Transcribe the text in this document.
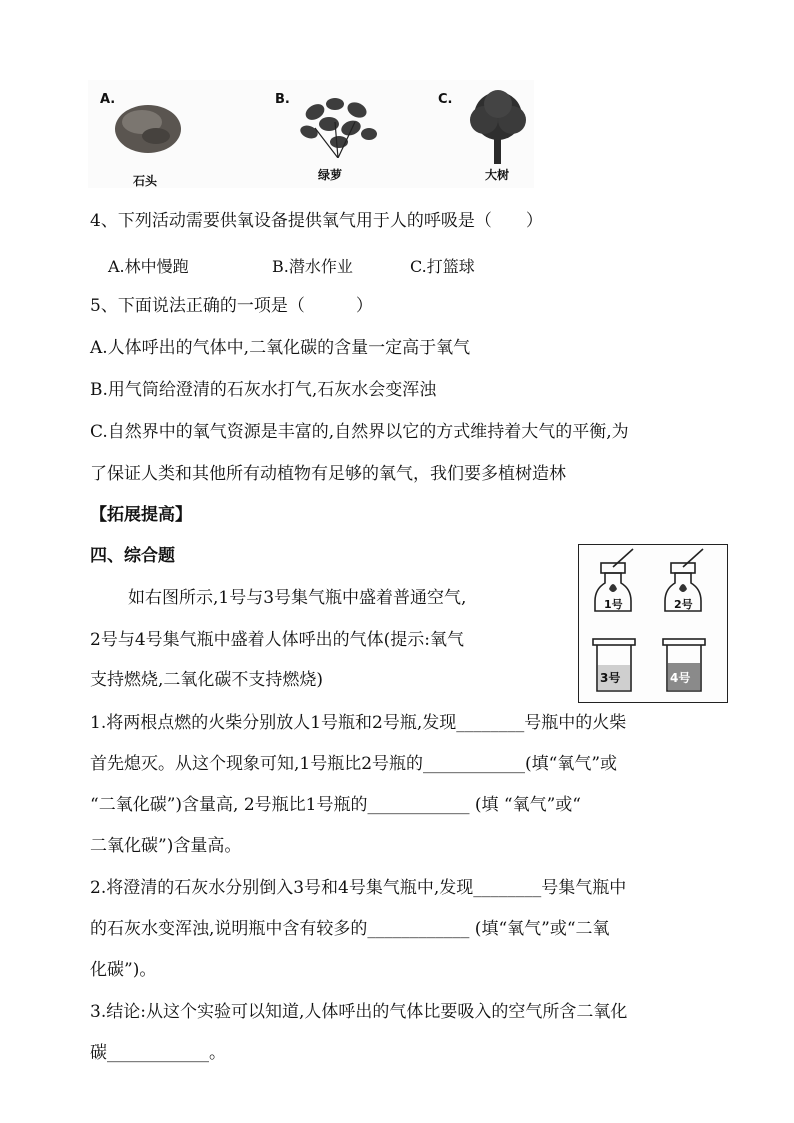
A.
石头
B.
绿萝
C.
大树
4、下列活动需要供氧设备提供氧气用于人的呼吸是（　　）
A.林中慢跑	B.潜水作业	C.打篮球
5、下面说法正确的一项是（　　　）
A.人体呼出的气体中,二氧化碳的含量一定高于氧气
B.用气筒给澄清的石灰水打气,石灰水会变浑浊
C.自然界中的氧气资源是丰富的,自然界以它的方式维持着大气的平衡,为
了保证人类和其他所有动植物有足够的氧气，我们要多植树造林
【拓展提高】
四、综合题
如右图所示,1号与3号集气瓶中盛着普通空气,
2号与4号集气瓶中盛着人体呼出的气体(提示:氧气
支持燃烧,二氧化碳不支持燃烧)
1号	2号
3号	4号
1.将两根点燃的火柴分别放人1号瓶和2号瓶,发现________号瓶中的火柴
首先熄灭。从这个现象可知,1号瓶比2号瓶的____________(填“氧气”或
“二氧化碳”)含量高, 2号瓶比1号瓶的____________ (填 “氧气”或“
二氧化碳”)含量高。
2.将澄清的石灰水分别倒入3号和4号集气瓶中,发现________号集气瓶中
的石灰水变浑浊,说明瓶中含有较多的____________ (填“氧气”或“二氧
化碳”)。
3.结论:从这个实验可以知道,人体呼出的气体比要吸入的空气所含二氧化
碳____________。
